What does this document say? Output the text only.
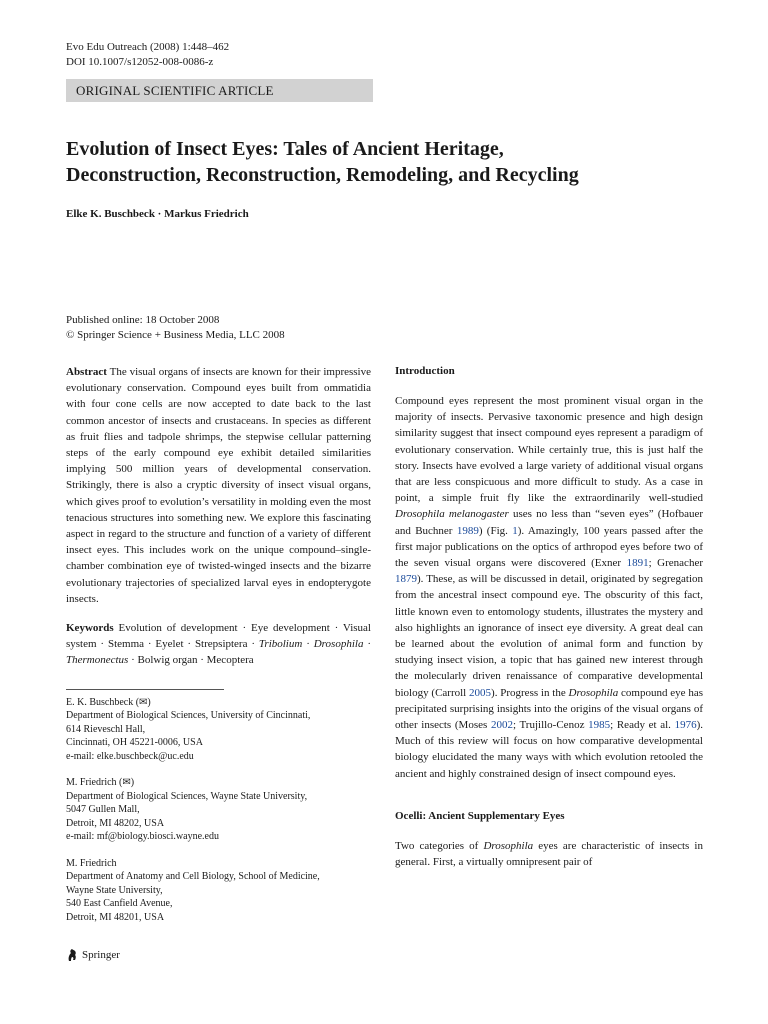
Evo Edu Outreach (2008) 1:448–462
DOI 10.1007/s12052-008-0086-z
ORIGINAL SCIENTIFIC ARTICLE
Evolution of Insect Eyes: Tales of Ancient Heritage,
Deconstruction, Reconstruction, Remodeling, and Recycling
Elke K. Buschbeck · Markus Friedrich
Published online: 18 October 2008
© Springer Science + Business Media, LLC 2008

Abstract The visual organs of insects are known for their impressive evolutionary conservation. Compound eyes built from ommatidia with four cone cells are now accepted to date back to the last common ancestor of insects and crustaceans. In species as different as fruit flies and tadpole shrimps, the stepwise cellular patterning steps of the early compound eye exhibit detailed similarities implying 500 million years of developmental conservation. Strikingly, there is also a cryptic diversity of insect visual organs, which gives proof to evolution’s versatility in molding even the most tenacious structures into something new. We explore this fascinating aspect in regard to the structure and function of a variety of different insect eyes. This includes work on the unique compound–single-chamber combination eye of twisted-winged insects and the bizarre evolutionary trajectories of specialized larval eyes in endopterygote insects.

Keywords Evolution of development · Eye development · Visual system · Stemma · Eyelet · Strepsiptera · Tribolium · Drosophila · Thermonectus · Bolwig organ · Mecoptera

E. K. Buschbeck (✉)
Department of Biological Sciences, University of Cincinnati,
614 Rieveschl Hall,
Cincinnati, OH 45221-0006, USA
e-mail: elke.buschbeck@uc.edu
M. Friedrich (✉)
Department of Biological Sciences, Wayne State University,
5047 Gullen Mall,
Detroit, MI 48202, USA
e-mail: mf@biology.biosci.wayne.edu
M. Friedrich
Department of Anatomy and Cell Biology, School of Medicine,
Wayne State University,
540 East Canfield Avenue,
Detroit, MI 48201, USA
Introduction

Compound eyes represent the most prominent visual organ in the majority of insects. Pervasive taxonomic presence and high design similarity suggest that insect compound eyes represent a paradigm of evolutionary conservation. While certainly true, this is just half the story. Insects have evolved a large variety of additional visual organs that are less conspicuous and more difficult to study. As a case in point, a simple fruit fly like the extraordinarily well-studied Drosophila melanogaster uses no less than “seven eyes” (Hofbauer and Buchner 1989) (Fig. 1). Amazingly, 100 years passed after the first major publications on the optics of arthropod eyes before two of the seven visual organs were discovered (Exner 1891; Grenacher 1879). These, as will be discussed in detail, originated by segregation from the ancestral insect compound eye. The obscurity of this fact, little known even to entomology students, illustrates the mystery and also highlights an ignorance of insect eye diversity. A great deal can be learned about the evolution of animal form and function by studying insect vision, a topic that has gained new interest through the molecularly driven renaissance of comparative developmental biology (Carroll 2005). Progress in the Drosophila compound eye has precipitated surprising insights into the origins of the visual organs of other insects (Moses 2002; Trujillo-Cenoz 1985; Ready et al. 1976). Much of this review will focus on how comparative developmental biology elucidated the many ways with which evolution retooled the ancient and highly constrained design of insect compound eyes.

Ocelli: Ancient Supplementary Eyes

Two categories of Drosophila eyes are characteristic of insects in general. First, a virtually omnipresent pair of

Springer
